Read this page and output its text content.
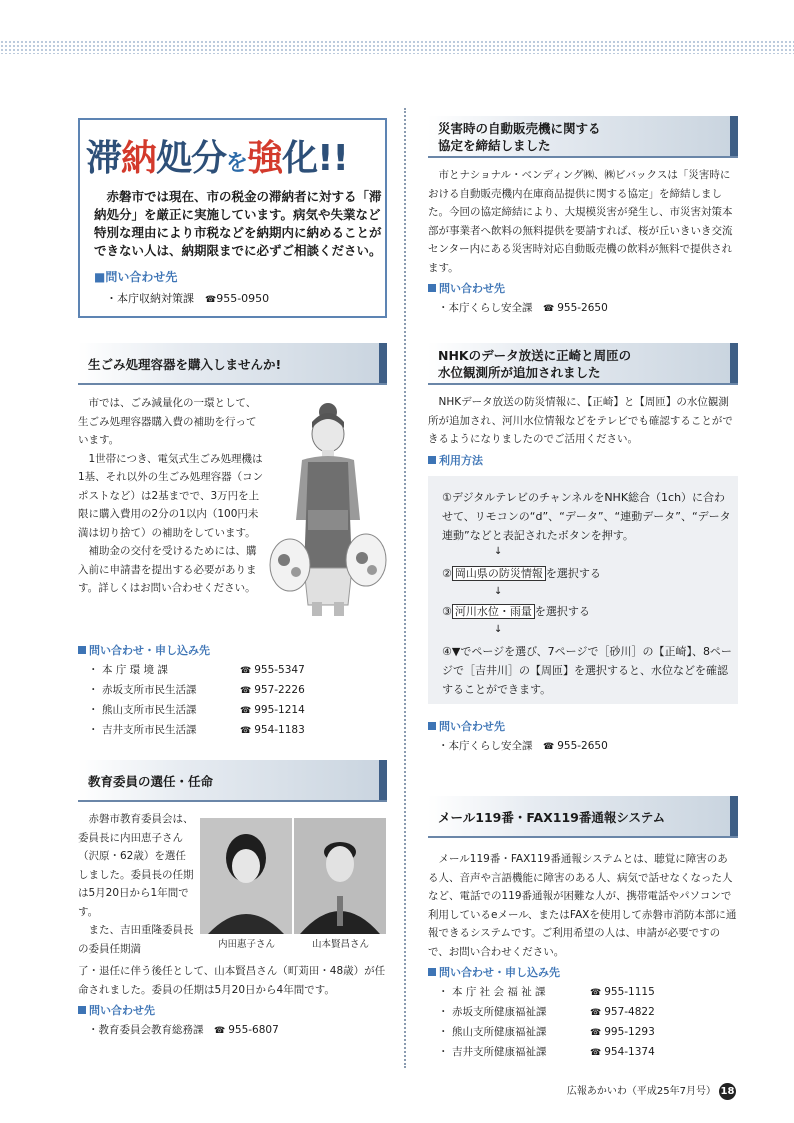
滞納処分を強化!!
赤磐市では現在、市の税金の滞納者に対する「滞納処分」を厳正に実施しています。病気や失業など特別な理由により市税などを納期内に納めることができない人は、納期限までに必ずご相談ください。
■問い合わせ先
・本庁収納対策課　 ☎955-0950
生ごみ処理容器を購入しませんか!

市では、ごみ減量化の一環として、生ごみ処理容器購入費の補助を行っています。

1世帯につき、電気式生ごみ処理機は1基、それ以外の生ごみ処理容器（コンポストなど）は2基までで、3万円を上限に購入費用の2分の1以内（100円未満は切り捨て）の補助をしています。

補助金の交付を受けるためには、購入前に申請書を提出する必要があります。詳しくはお問い合わせください。

問い合わせ・申し込み先
・ 本 庁 環 境 課	☎ 955-5347
・ 赤坂支所市民生活課	☎ 957-2226
・ 熊山支所市民生活課	☎ 995-1214
・ 吉井支所市民生活課	☎ 954-1183
教育委員の選任・任命

赤磐市教育委員会は、委員長に内田恵子さん（沢原・62歳）を選任しました。委員長の任期は5月20日から1年間です。

また、吉田重隆委員長の委員任期満	内田惠子さん	山本賢昌さん
了・退任に伴う後任として、山本賢昌さん（町苅田・48歳）が任命されました。委員の任期は5月20日から4年間です。
問い合わせ先
・教育委員会教育総務課　 ☎ 955-6807
災害時の自動販売機に関する
協定を締結しました

市とナショナル・ベンディング㈱、㈱ビバックスは「災害時における自動販売機内在庫商品提供に関する協定」を締結しました。今回の協定締結により、大規模災害が発生し、市災害対策本部が事業者へ飲料の無料提供を要請すれば、桜が丘いきいき交流センター内にある災害時対応自動販売機の飲料が無料で提供されます。

問い合わせ先
・本庁くらし安全課　 ☎ 955-2650
NHKのデータ放送に正崎と周匝の
水位観測所が追加されました

NHKデータ放送の防災情報に、【正崎】と【周匝】の水位観測所が追加され、河川水位情報などをテレビでも確認することができるようになりましたのでご活用ください。

利用方法
①デジタルテレビのチャンネルをNHK総合（1ch）に合わせて、リモコンの“d”、“データ”、“連動データ”、“データ連動”などと表記されたボタンを押す。
↓
② 岡山県の防災情報 を選択する
↓
③ 河川水位・雨量 を選択する
↓
④▼でページを選び、7ページで［砂川］の【正崎】、8ページで［吉井川］の【周匝】を選択すると、水位などを確認することができます。
問い合わせ先
・本庁くらし安全課　 ☎ 955-2650
メール119番・FAX119番通報システム

メール119番・FAX119番通報システムとは、聴覚に障害のある人、音声や言語機能に障害のある人、病気で話せなくなった人など、電話での119番通報が困難な人が、携帯電話やパソコンで利用しているeメール、またはFAXを使用して赤磐市消防本部に通報できるシステムです。ご利用希望の人は、申請が必要ですので、お問い合わせください。

問い合わせ・申し込み先
・ 本 庁 社 会 福 祉 課	☎ 955-1115
・ 赤坂支所健康福祉課	☎ 957-4822
・ 熊山支所健康福祉課	☎ 995-1293
・ 吉井支所健康福祉課	☎ 954-1374
広報あかいわ（平成25年7月号） 18
